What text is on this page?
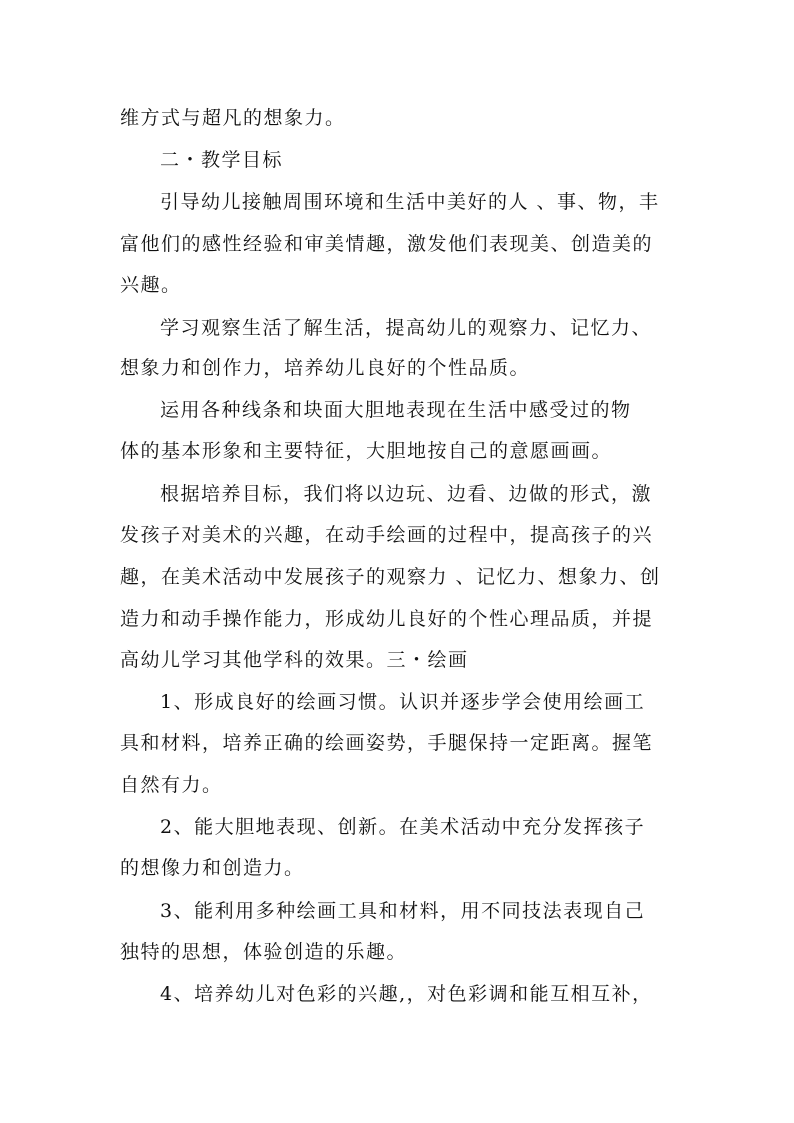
维方式与超凡的想象力。
二・教学目标
引导幼儿接触周围环境和生活中美好的人 、事、物，丰
富他们的感性经验和审美情趣，激发他们表现美、创造美的
兴趣。
学习观察生活了解生活，提高幼儿的观察力、记忆力、
想象力和创作力，培养幼儿良好的个性品质。
运用各种线条和块面大胆地表现在生活中感受过的物
体的基本形象和主要特征，大胆地按自己的意愿画画。
根据培养目标，我们将以边玩、边看、边做的形式，激
发孩子对美术的兴趣，在动手绘画的过程中，提高孩子的兴
趣，在美术活动中发展孩子的观察力 、记忆力、想象力、创
造力和动手操作能力，形成幼儿良好的个性心理品质，并提
高幼儿学习其他学科的效果。三・绘画
1、形成良好的绘画习惯。认识并逐步学会使用绘画工
具和材料，培养正确的绘画姿势，手腿保持一定距离。握笔
自然有力。
2、能大胆地表现、创新。在美术活动中充分发挥孩子
的想像力和创造力。
3、能利用多种绘画工具和材料，用不同技法表现自己
独特的思想，体验创造的乐趣。
4、培养幼儿对色彩的兴趣,，对色彩调和能互相互补，
